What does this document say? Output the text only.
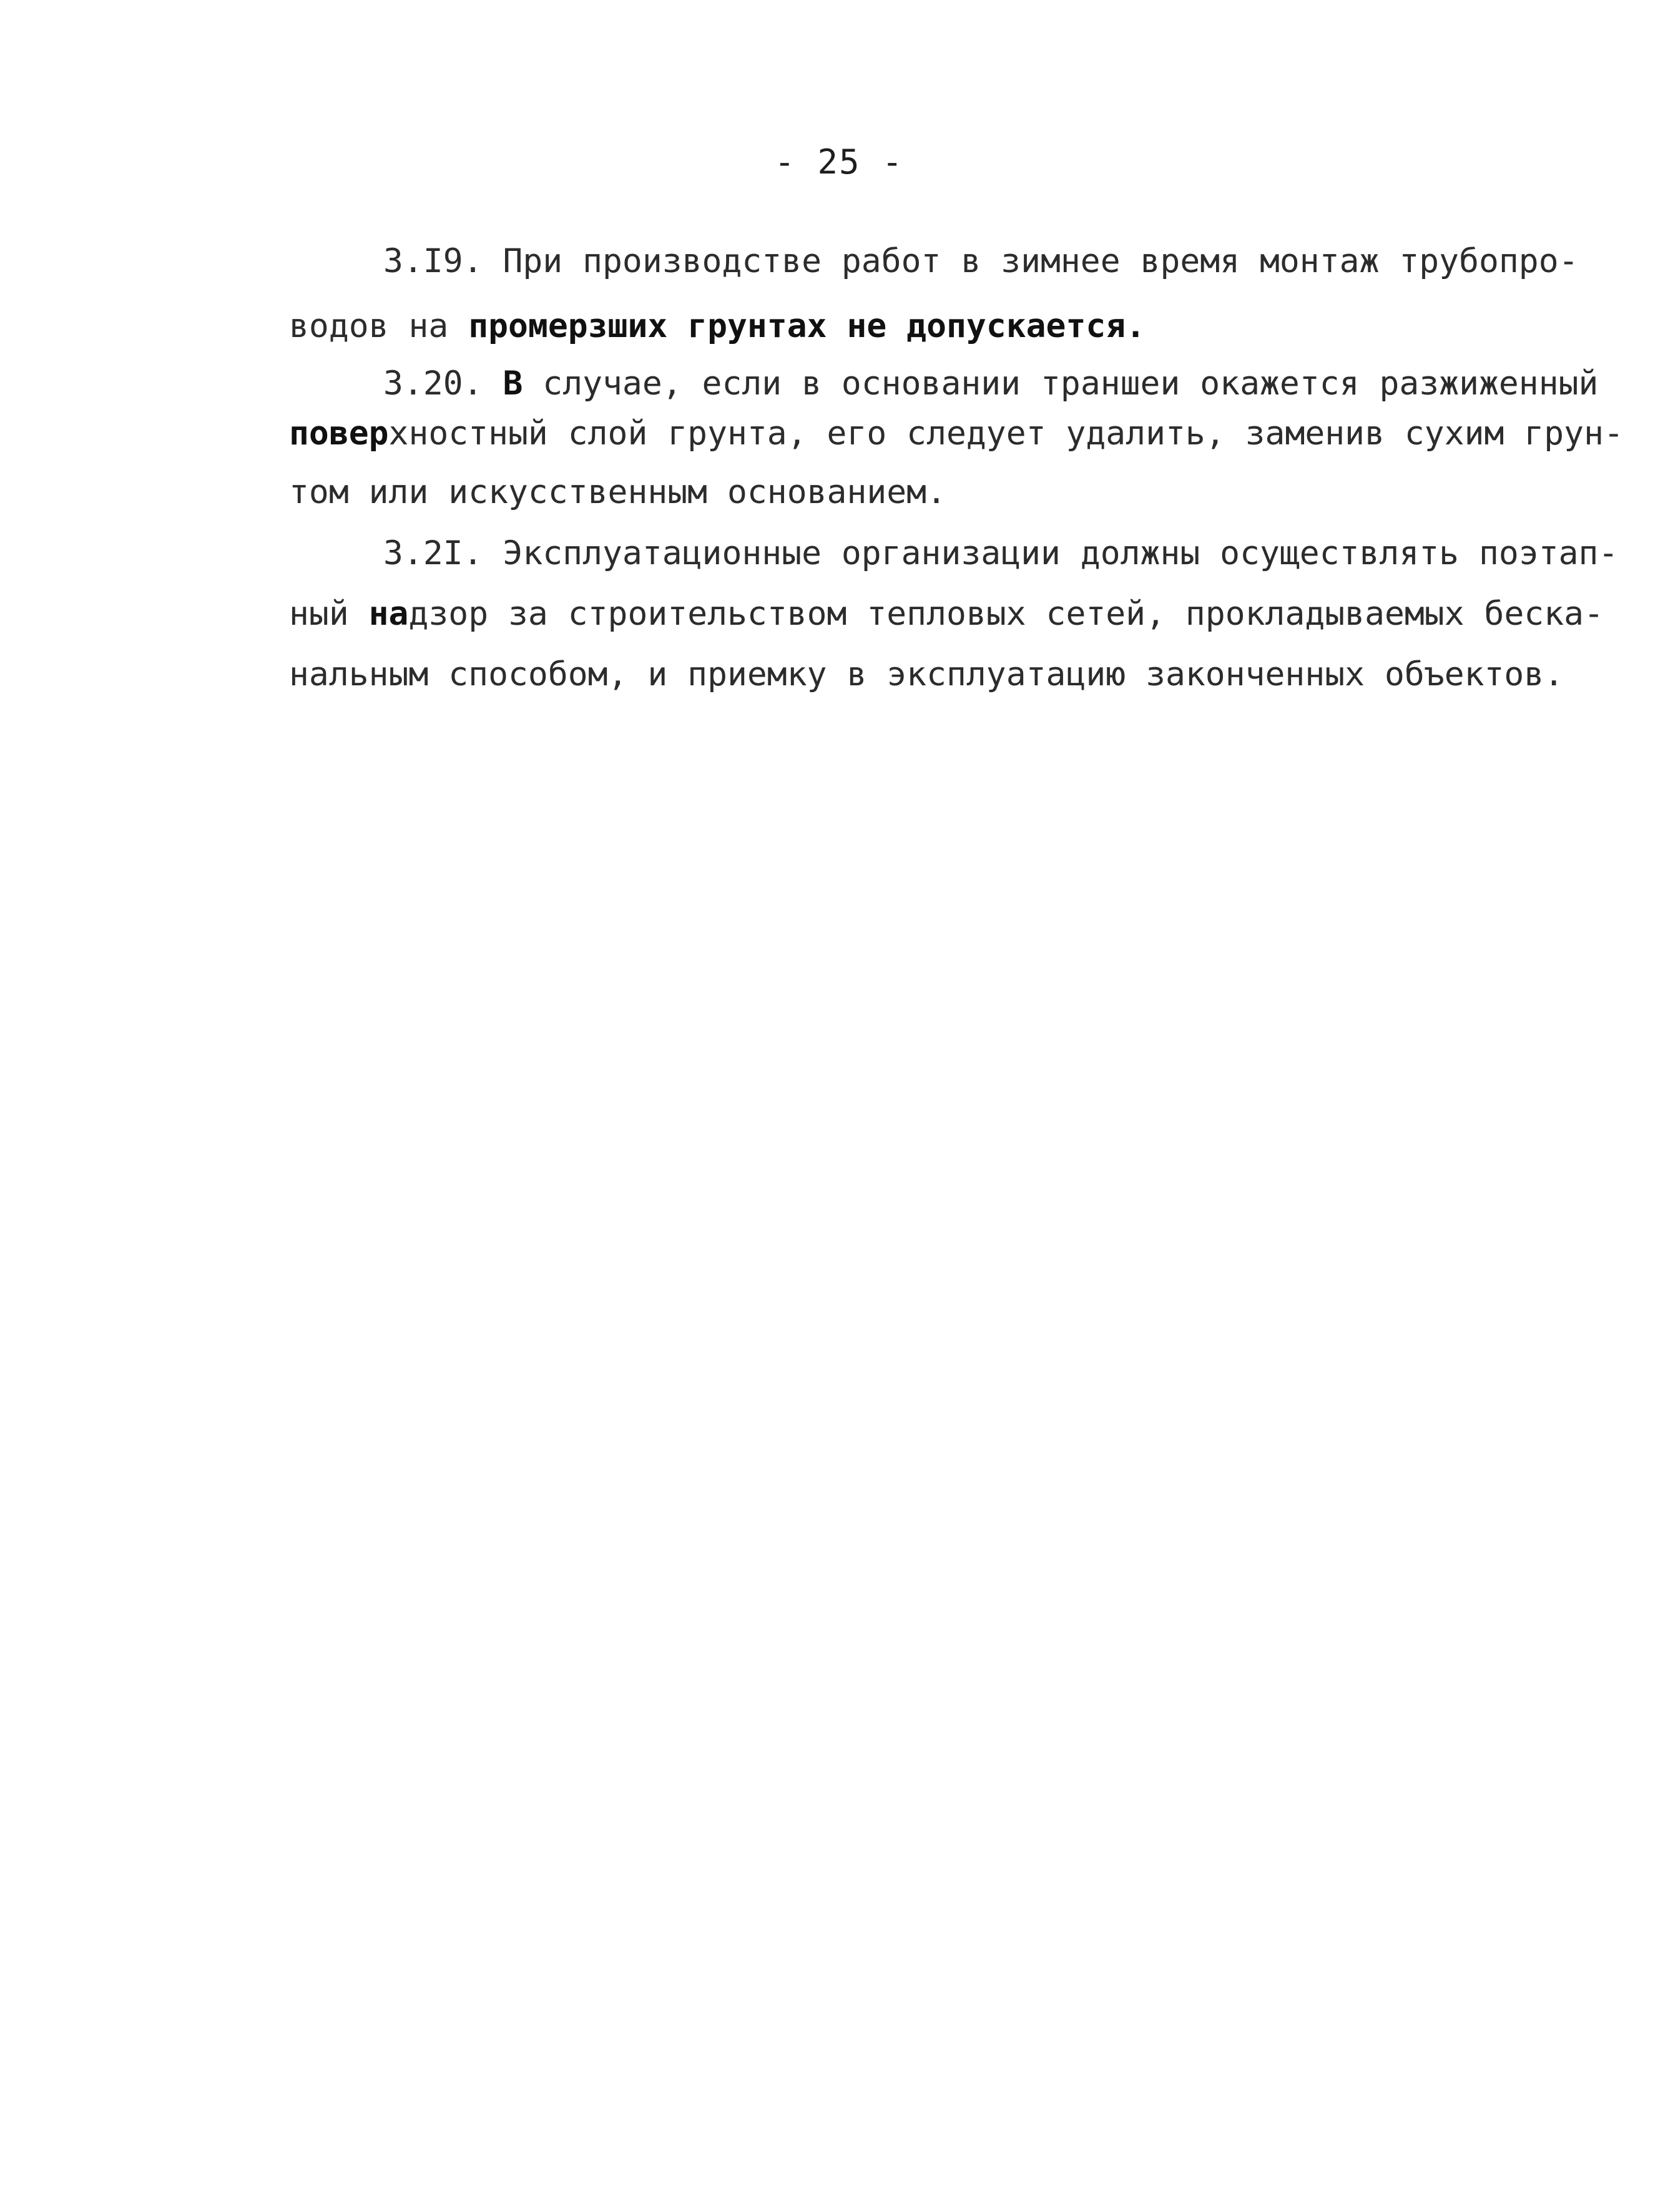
- 25 -
3.I9. При производстве работ в зимнее время монтаж трубопро-
водов на промерзших грунтах не допускается.
3.20. В случае, если в основании траншеи окажется разжиженный
поверхностный слой грунта, его следует удалить, заменив сухим грун-
том или искусственным основанием.
3.2I. Эксплуатационные организации должны осуществлять поэтап-
ный надзор за строительством тепловых сетей, прокладываемых беска-
нальным способом, и приемку в эксплуатацию законченных объектов.
